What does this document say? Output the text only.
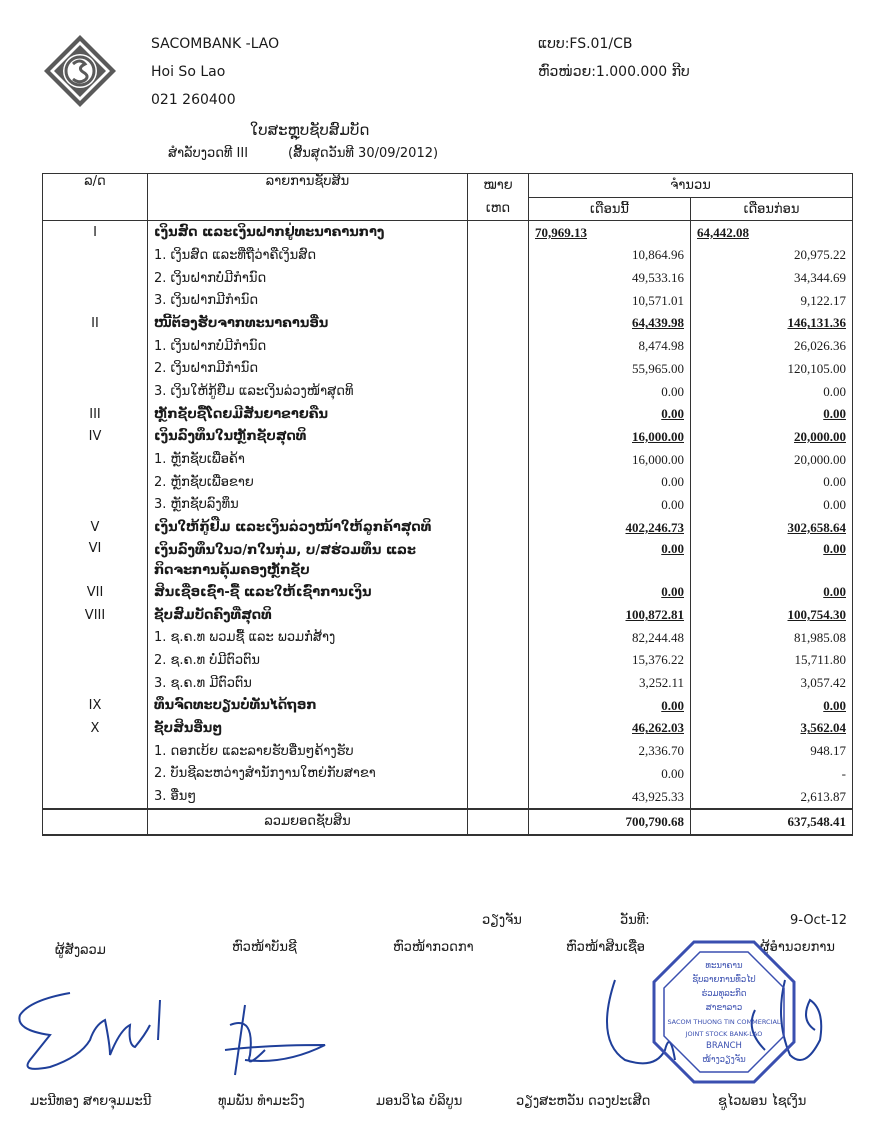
SACOMBANK -LAO
Hoi So Lao
021 260400
ແບບ:FS.01/CB
ຫົວໜ່ວຍ:1.000.000 ກີບ
ໃບສະຫຼຸບຊັບສົມບັດ
ສຳລັບງວດທີ III	(ສິ້ນສຸດວັນທີ 30/09/2012)
ລ/ດ	ລາຍການຊັບສິນ	ໝາຍ	ຈຳນວນ	
		ເຫດ	ເດືອນນີ້	ເດືອນກ່ອນ
I	ເງິນສົດ ແລະເງິນຝາກຢູ່ທະນາຄານກາງ		70,969.13	64,442.08
	1. ເງິນສົດ ແລະທີ່ຖືວ່າຄືເງິນສົດ		10,864.96	20,975.22
	2. ເງິນຝາກບໍ່ມີກຳນົດ		49,533.16	34,344.69
	3. ເງິນຝາກມີກຳນົດ		10,571.01	9,122.17
II	ໜີ້ຕ້ອງຮັບຈາກທະນາຄານອື່ນ		64,439.98	146,131.36
	1. ເງິນຝາກບໍ່ມີກຳນົດ		8,474.98	26,026.36
	2. ເງິນຝາກມີກຳນົດ		55,965.00	120,105.00
	3. ເງິນໃຫ້ກູ້ຢືມ ແລະເງິນລ່ວງໜ້າສຸດທິ		0.00	0.00
III	ຫຼັກຊັບຊື້ໂດຍມີສັນຍາຂາຍຄືນ		0.00	0.00
IV	ເງິນລົງທຶນໃນຫຼັກຊັບສຸດທິ		16,000.00	20,000.00
	1. ຫຼັກຊັບເພື່ອຄ້າ		16,000.00	20,000.00
	2. ຫຼັກຊັບເພື່ອຂາຍ		0.00	0.00
	3. ຫຼັກຊັບລົງທຶນ		0.00	0.00
V	ເງິນໃຫ້ກູ້ຢືມ ແລະເງິນລ່ວງໜ້າໃຫ້ລູກຄ້າສຸດທິ		402,246.73	302,658.64
VI	ເງິນລົງທຶນໃນວ/ກໃນກຸ່ມ, ບ/ສຮ່ວມທຶນ ແລະ ກິດຈະການຄຸ້ມຄອງຫຼັກຊັບ		0.00	0.00
VII	ສິນເຊື່ອເຊົ່າ-ຊື້ ແລະໃຫ້ເຊົ່າການເງິນ		0.00	0.00
VIII	ຊັບສົມບັດຄົງທີ່ສຸດທິ		100,872.81	100,754.30
	1. ຊ.ຄ.ທ ພວມຊື້ ແລະ ພວມກໍ່ສ້າງ		82,244.48	81,985.08
	2. ຊ.ຄ.ທ ບໍ່ມີຕົວຕົນ		15,376.22	15,711.80
	3. ຊ.ຄ.ທ ມີຕົວຕົນ		3,252.11	3,057.42
IX	ທຶນຈົດທະບຽນບໍ່ທັນໄດ້ຖອກ		0.00	0.00
X	ຊັບສິນອື່ນໆ		46,262.03	3,562.04
	1. ດອກເບ້ຍ ແລະລາຍຮັບອື່ນໆຄ້າງຮັບ		2,336.70	948.17
	2. ບັນຊີລະຫວ່າງສຳນັກງານໃຫຍ່ກັບສາຂາ		0.00	-
	3. ອື່ນໆ		43,925.33	2,613.87
	ລວມຍອດຊັບສິນ		700,790.68	637,548.41
ວຽງຈັນ	ວັນທີ:	9-Oct-12
ຜູ້ສັງລວມ	ຫົວໜ້າບັນຊີ	ຫົວໜ້າກວດກາ	ຫົວໜ້າສິນເຊື່ອ	ຜູ້ອຳນວຍການ
ທະນາຄານ
ຊັບລາຍການທົ່ວໄປ
ຮ່ວມທຸລະກິດ
ສາຂາລາວ
SACOM THUONG TIN COMMERCIAL
JOINT STOCK BANK-LAO
BRANCH
ໜ້າງວຽງຈັນ
ມະນີທອງ ສາຍຈຸມມະນີ	ທຸມພັນ ທຳມະວົງ	ມອນວິໄລ ບໍລິບູນ	ວຽງສະຫວັນ ດວງປະເສີດ	ຊູໄວພອນ ໄຊເງິນ
